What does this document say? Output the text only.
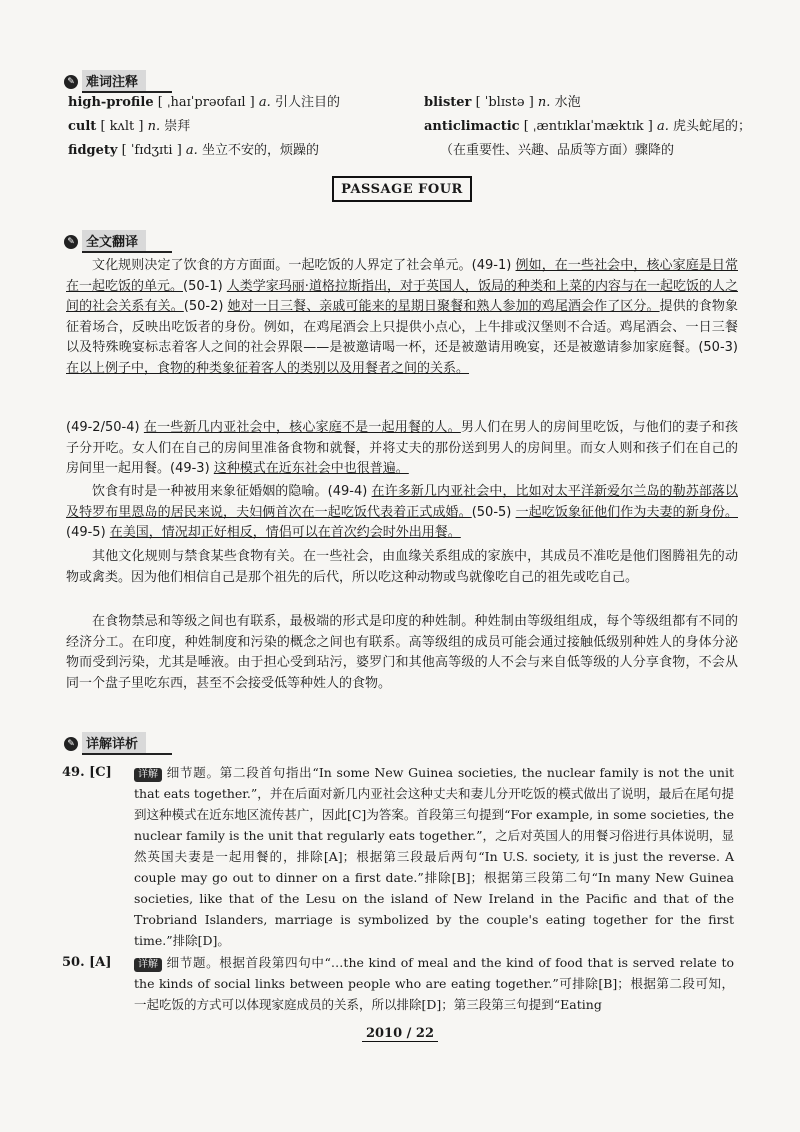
✎ 难词注释
high-profile [ ˌhaɪˈprəʊfaɪl ] a. 引人注目的
cult [ kʌlt ] n. 崇拜
fidgety [ ˈfɪdʒɪti ] a. 坐立不安的，烦躁的
blister [ ˈblɪstə ] n. 水泡
anticlimactic [ ˌæntɪklaɪˈmæktɪk ] a. 虎头蛇尾的；
（在重要性、兴趣、品质等方面）骤降的
PASSAGE FOUR
✎ 全文翻译
文化规则决定了饮食的方方面面。一起吃饭的人界定了社会单元。(49-1) 例如，在一些社会中，核心家庭是日常在一起吃饭的单元。(50-1) 人类学家玛丽·道格拉斯指出，对于英国人，饭局的种类和上菜的内容与在一起吃饭的人之间的社会关系有关。(50-2) 她对一日三餐、亲戚可能来的星期日聚餐和熟人参加的鸡尾酒会作了区分。提供的食物象征着场合，反映出吃饭者的身份。例如，在鸡尾酒会上只提供小点心，上牛排或汉堡则不合适。鸡尾酒会、一日三餐以及特殊晚宴标志着客人之间的社会界限——是被邀请喝一杯，还是被邀请用晚宴，还是被邀请参加家庭餐。(50-3) 在以上例子中，食物的种类象征着客人的类别以及用餐者之间的关系。
(49-2/50-4) 在一些新几内亚社会中，核心家庭不是一起用餐的人。男人们在男人的房间里吃饭，与他们的妻子和孩子分开吃。女人们在自己的房间里准备食物和就餐，并将丈夫的那份送到男人的房间里。而女人则和孩子们在自己的房间里一起用餐。(49-3) 这种模式在近东社会中也很普遍。
饮食有时是一种被用来象征婚姻的隐喻。(49-4) 在许多新几内亚社会中，比如对太平洋新爱尔兰岛的勒苏部落以及特罗布里恩岛的居民来说，夫妇俩首次在一起吃饭代表着正式成婚。(50-5) 一起吃饭象征他们作为夫妻的新身份。(49-5) 在美国，情况却正好相反，情侣可以在首次约会时外出用餐。
其他文化规则与禁食某些食物有关。在一些社会，由血缘关系组成的家族中，其成员不准吃是他们图腾祖先的动物或禽类。因为他们相信自己是那个祖先的后代，所以吃这种动物或鸟就像吃自己的祖先或吃自己。
在食物禁忌和等级之间也有联系，最极端的形式是印度的种姓制。种姓制由等级组组成，每个等级组都有不同的经济分工。在印度，种姓制度和污染的概念之间也有联系。高等级组的成员可能会通过接触低级别种姓人的身体分泌物而受到污染，尤其是唾液。由于担心受到玷污，婆罗门和其他高等级的人不会与来自低等级的人分享食物，不会从同一个盘子里吃东西，甚至不会接受低等种姓人的食物。
✎ 详解详析
49. [C]	详解 细节题。第二段首句指出“In some New Guinea societies, the nuclear family is not the unit that eats together.”，并在后面对新几内亚社会这种丈夫和妻儿分开吃饭的模式做出了说明，最后在尾句提到这种模式在近东地区流传甚广，因此[C]为答案。首段第三句提到“For example, in some societies, the nuclear family is the unit that regularly eats together.”，之后对英国人的用餐习俗进行具体说明，显然英国夫妻是一起用餐的，排除[A]；根据第三段最后两句“In U.S. society, it is just the reverse. A couple may go out to dinner on a first date.”排除[B]；根据第三段第二句“In many New Guinea societies, like that of the Lesu on the island of New Ireland in the Pacific and that of the Trobriand Islanders, marriage is symbolized by the couple's eating together for the first time.”排除[D]。
50. [A]	详解 细节题。根据首段第四句中“…the kind of meal and the kind of food that is served relate to the kinds of social links between people who are eating together.”可排除[B]；根据第二段可知，一起吃饭的方式可以体现家庭成员的关系，所以排除[D]；第三段第三句提到“Eating
2010 / 22
